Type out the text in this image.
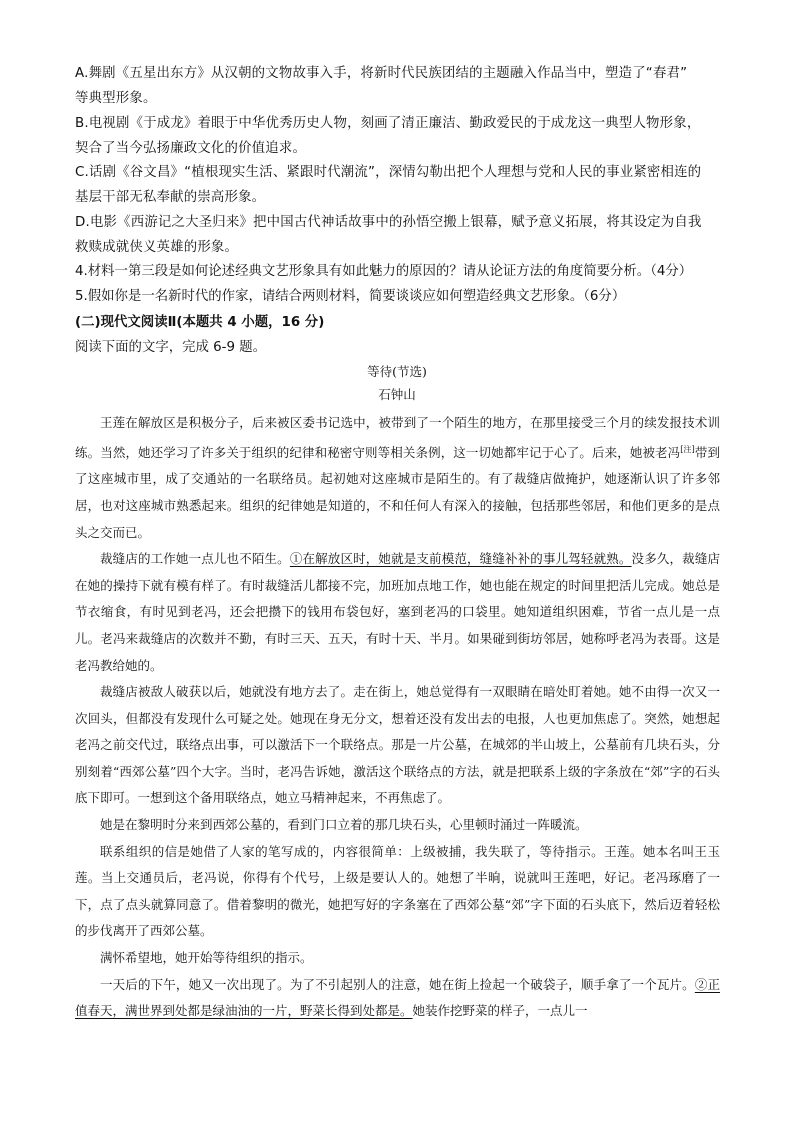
A.舞剧《五星出东方》从汉朝的文物故事入手，将新时代民族团结的主题融入作品当中，塑造了“春君”
等典型形象。
B.电视剧《于成龙》着眼于中华优秀历史人物，刻画了清正廉洁、勤政爱民的于成龙这一典型人物形象，
契合了当今弘扬廉政文化的价值追求。
C.话剧《谷文昌》“植根现实生活、紧跟时代潮流”，深情勾勒出把个人理想与党和人民的事业紧密相连的
基层干部无私奉献的崇高形象。
D.电影《西游记之大圣归来》把中国古代神话故事中的孙悟空搬上银幕，赋予意义拓展，将其设定为自我
救赎成就侠义英雄的形象。
4.材料一第三段是如何论述经典文艺形象具有如此魅力的原因的？请从论证方法的角度简要分析。（4分）
5.假如你是一名新时代的作家，请结合两则材料，简要谈谈应如何塑造经典文艺形象。（6分）
(二)现代文阅读Ⅱ(本题共 4 小题，16 分)
阅读下面的文字，完成 6-9 题。
等待(节选)
石钟山

王莲在解放区是积极分子，后来被区委书记选中，被带到了一个陌生的地方，在那里接受三个月的续发报技术训练。当然，她还学习了许多关于组织的纪律和秘密守则等相关条例，这一切她都牢记于心了。后来，她被老冯[注]带到了这座城市里，成了交通站的一名联络员。起初她对这座城市是陌生的。有了裁缝店做掩护，她逐渐认识了许多邻居，也对这座城市熟悉起来。组织的纪律她是知道的，不和任何人有深入的接触，包括那些邻居，和他们更多的是点头之交而已。

裁缝店的工作她一点儿也不陌生。①在解放区时，她就是支前模范，缝缝补补的事儿驾轻就熟。没多久，裁缝店在她的操持下就有模有样了。有时裁缝活儿都接不完，加班加点地工作，她也能在规定的时间里把活儿完成。她总是节衣缩食，有时见到老冯，还会把攒下的钱用布袋包好，塞到老冯的口袋里。她知道组织困难，节省一点儿是一点儿。老冯来裁缝店的次数并不勤，有时三天、五天，有时十天、半月。如果碰到街坊邻居，她称呼老冯为表哥。这是老冯教给她的。

裁缝店被敌人破获以后，她就没有地方去了。走在街上，她总觉得有一双眼睛在暗处盯着她。她不由得一次又一次回头，但都没有发现什么可疑之处。她现在身无分文，想着还没有发出去的电报，人也更加焦虑了。突然，她想起老冯之前交代过，联络点出事，可以激活下一个联络点。那是一片公墓，在城郊的半山坡上，公墓前有几块石头，分别刻着“西郊公墓”四个大字。当时，老冯告诉她，激活这个联络点的方法，就是把联系上级的字条放在“郊”字的石头底下即可。一想到这个备用联络点，她立马精神起来，不再焦虑了。

她是在黎明时分来到西郊公墓的，看到门口立着的那几块石头，心里顿时涌过一阵暖流。

联系组织的信是她借了人家的笔写成的，内容很简单：上级被捕，我失联了，等待指示。王莲。她本名叫王玉莲。当上交通员后，老冯说，你得有个代号，上级是要认人的。她想了半晌，说就叫王莲吧，好记。老冯琢磨了一下，点了点头就算同意了。借着黎明的微光，她把写好的字条塞在了西郊公墓“郊”字下面的石头底下，然后迈着轻松的步伐离开了西郊公墓。

满怀希望地，她开始等待组织的指示。

一天后的下午，她又一次出现了。为了不引起别人的注意，她在街上捡起一个破袋子，顺手拿了一个瓦片。②正值春天，满世界到处都是绿油油的一片，野菜长得到处都是。她装作挖野菜的样子，一点儿一
